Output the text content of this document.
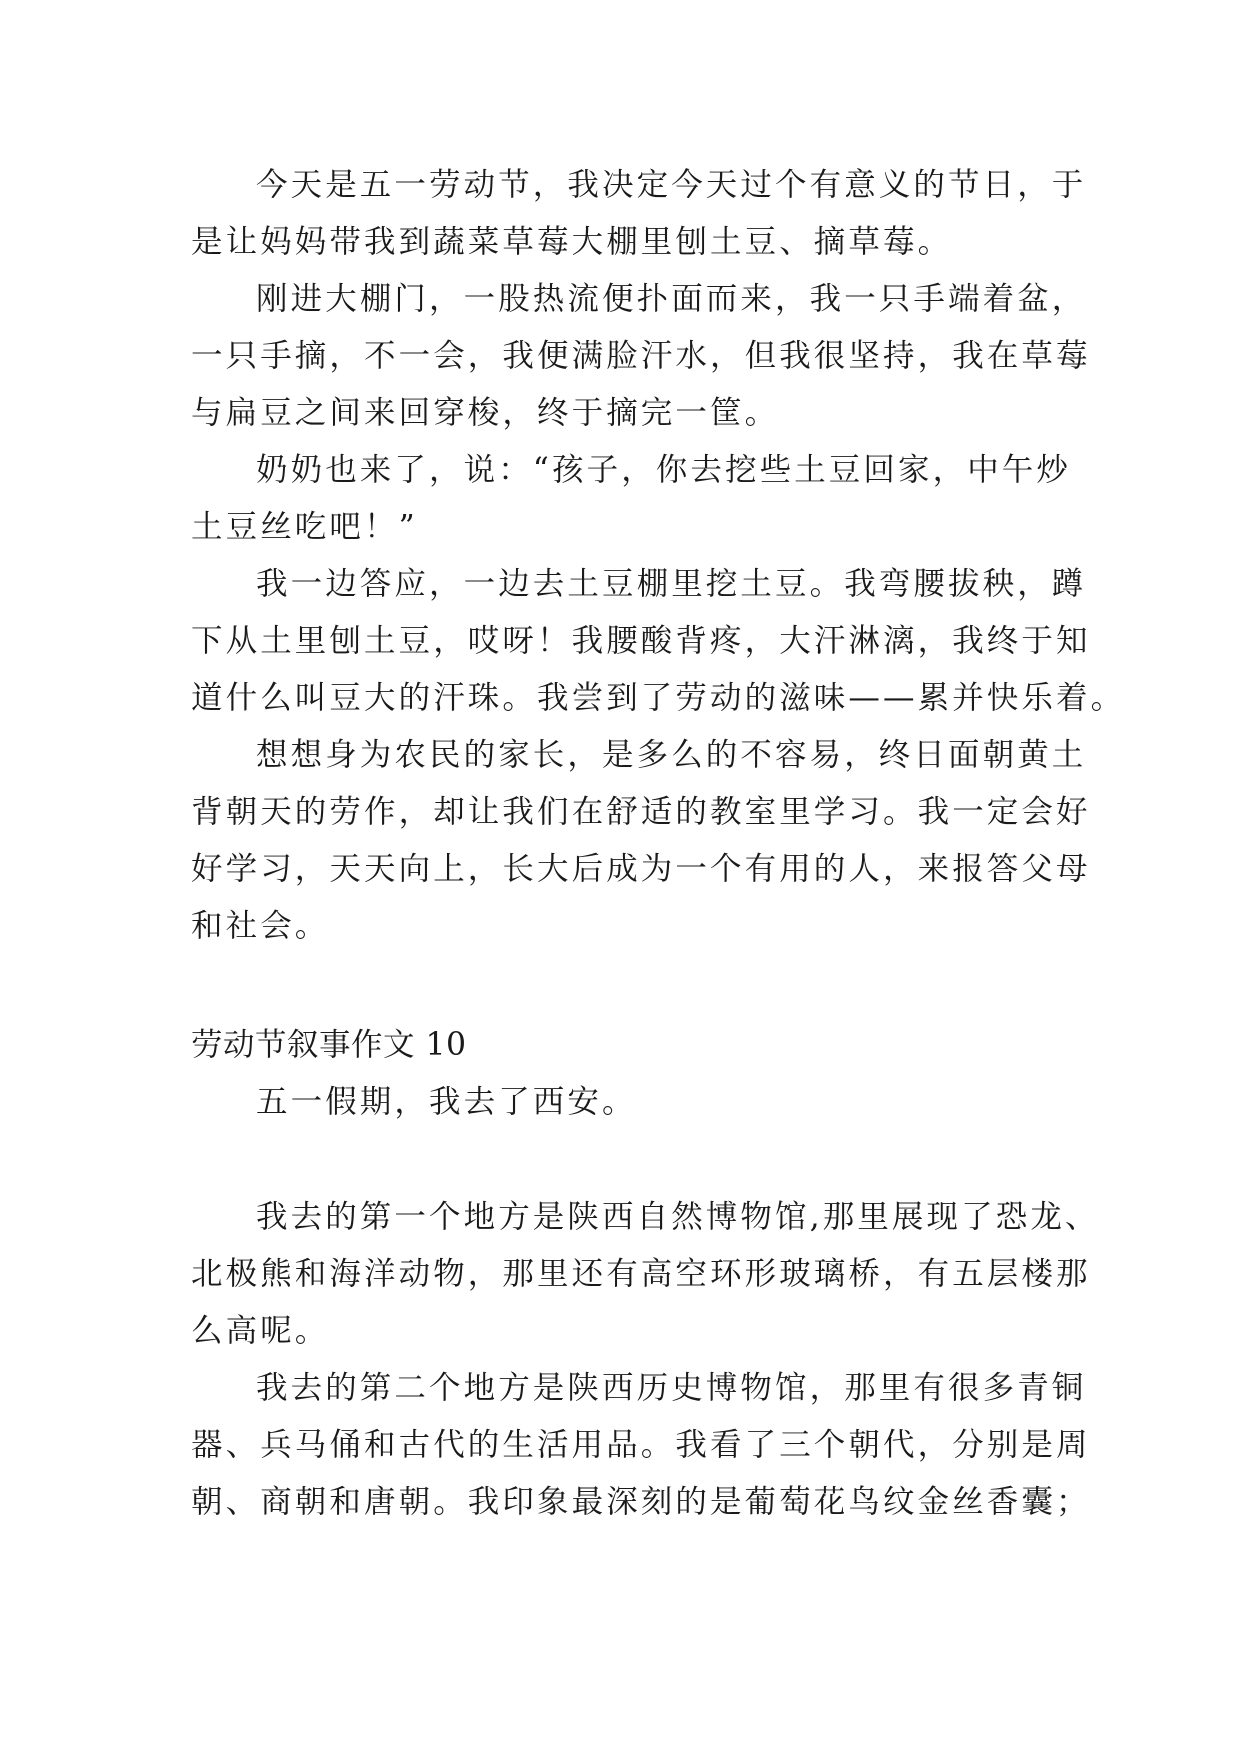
今天是五一劳动节，我决定今天过个有意义的节日，于
是让妈妈带我到蔬菜草莓大棚里刨土豆、摘草莓。
刚进大棚门，一股热流便扑面而来，我一只手端着盆，
一只手摘，不一会，我便满脸汗水，但我很坚持，我在草莓
与扁豆之间来回穿梭，终于摘完一筐。
奶奶也来了，说：“孩子，你去挖些土豆回家，中午炒
土豆丝吃吧！”
我一边答应，一边去土豆棚里挖土豆。我弯腰拔秧，蹲
下从土里刨土豆，哎呀！我腰酸背疼，大汗淋漓，我终于知
道什么叫豆大的汗珠。我尝到了劳动的滋味——累并快乐着。
想想身为农民的家长，是多么的不容易，终日面朝黄土
背朝天的劳作，却让我们在舒适的教室里学习。我一定会好
好学习，天天向上，长大后成为一个有用的人，来报答父母
和社会。
劳动节叙事作文 10
五一假期，我去了西安。
我去的第一个地方是陕西自然博物馆,那里展现了恐龙、
北极熊和海洋动物，那里还有高空环形玻璃桥，有五层楼那
么高呢。
我去的第二个地方是陕西历史博物馆，那里有很多青铜
器、兵马俑和古代的生活用品。我看了三个朝代，分别是周
朝、商朝和唐朝。我印象最深刻的是葡萄花鸟纹金丝香囊；
